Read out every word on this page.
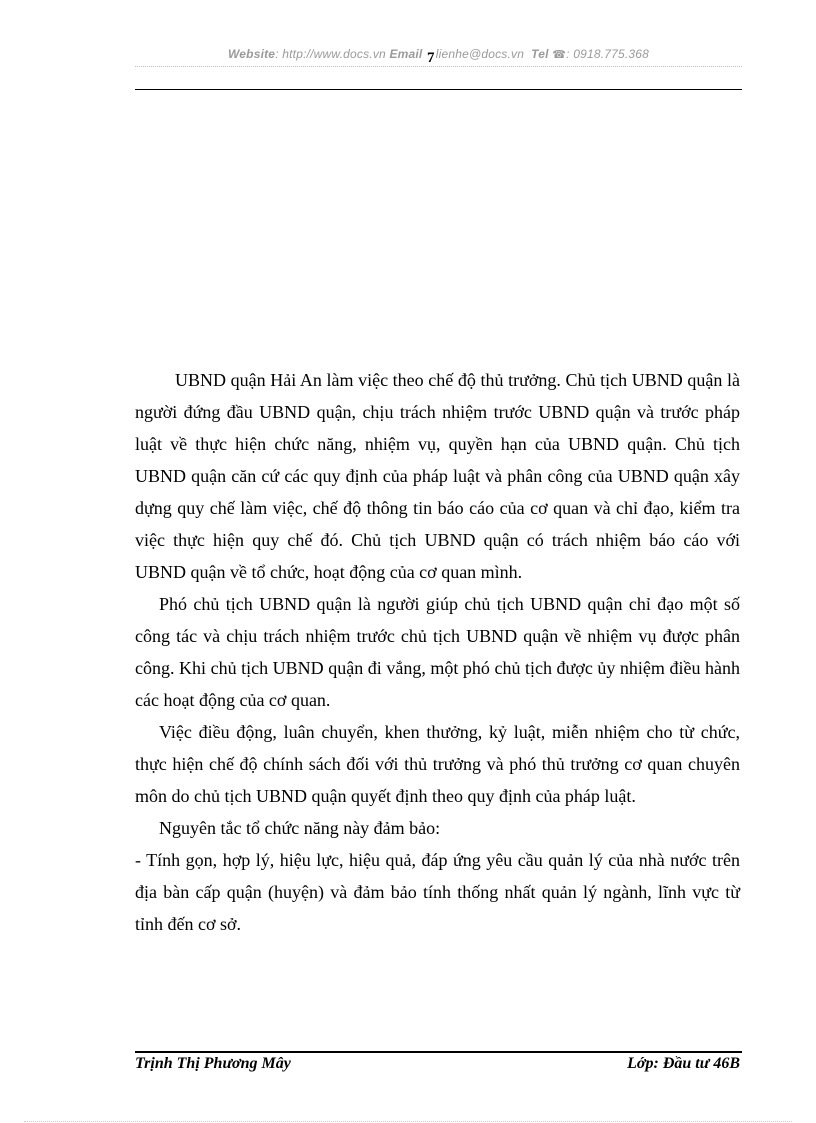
Website: http://www.docs.vn Email 7lienhe@docs.vn Tel ☎: 0918.775.368

UBND quận Hải An làm việc theo chế độ thủ trưởng. Chủ tịch UBND quận là người đứng đầu UBND quận, chịu trách nhiệm trước UBND quận và trước pháp luật về thực hiện chức năng, nhiệm vụ, quyền hạn của UBND quận. Chủ tịch UBND quận căn cứ các quy định của pháp luật và phân công của UBND quận xây dựng quy chế làm việc, chế độ thông tin báo cáo của cơ quan và chỉ đạo, kiểm tra việc thực hiện quy chế đó. Chủ tịch UBND quận có trách nhiệm báo cáo với UBND quận về tổ chức, hoạt động của cơ quan mình.

Phó chủ tịch UBND quận là người giúp chủ tịch UBND quận chỉ đạo một số công tác và chịu trách nhiệm trước chủ tịch UBND quận về nhiệm vụ được phân công. Khi chủ tịch UBND quận đi vắng, một phó chủ tịch được ủy nhiệm điều hành các hoạt động của cơ quan.

Việc điều động, luân chuyển, khen thưởng, kỷ luật, miễn nhiệm cho từ chức, thực hiện chế độ chính sách đối với thủ trưởng và phó thủ trưởng cơ quan chuyên môn do chủ tịch UBND quận quyết định theo quy định của pháp luật.

Nguyên tắc tổ chức năng này đảm bảo:

- Tính gọn, hợp lý, hiệu lực, hiệu quả, đáp ứng yêu cầu quản lý của nhà nước trên địa bàn cấp quận (huyện) và đảm bảo tính thống nhất quản lý ngành, lĩnh vực từ tỉnh đến cơ sở.

Trịnh Thị Phương Mây	Lớp: Đầu tư 46B
